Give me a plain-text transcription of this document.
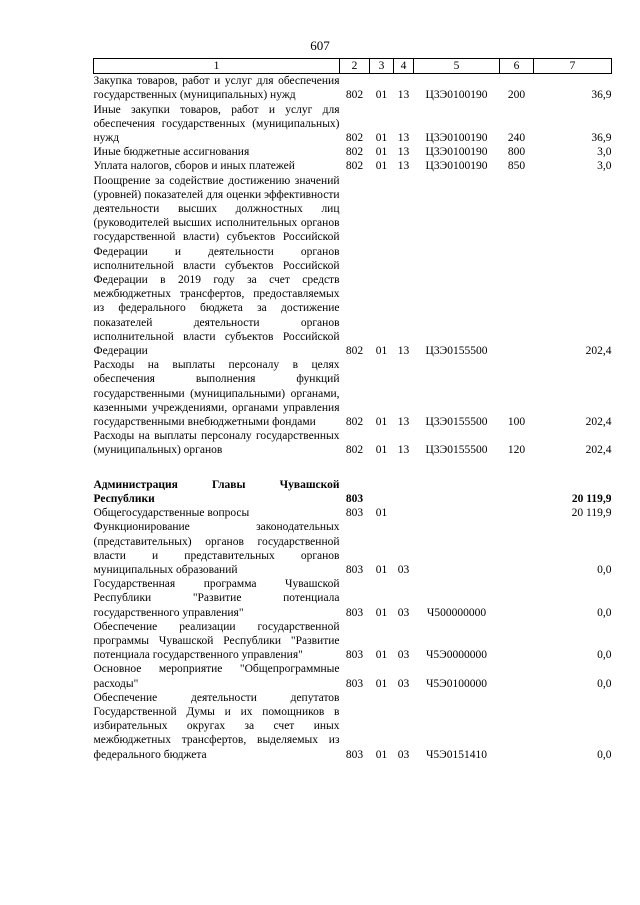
607
1	2	3	4	5	6	7
Закупка товаров, работ и услуг для обеспечения государственных (муниципальных) нужд	802	01	13	Ц3Э0100190	200	36,9
Иные закупки товаров, работ и услуг для обеспечения государственных (муниципальных) нужд	802	01	13	Ц3Э0100190	240	36,9
Иные бюджетные ассигнования	802	01	13	Ц3Э0100190	800	3,0
Уплата налогов, сборов и иных платежей	802	01	13	Ц3Э0100190	850	3,0
Поощрение за содействие достижению значений (уровней) показателей для оценки эффективности деятельности высших должностных лиц (руководителей высших исполнительных органов государственной власти) субъектов Российской Федерации и деятельности органов исполнительной власти субъектов Российской Федерации в 2019 году за счет средств межбюджетных трансфертов, предоставляемых из федерального бюджета за достижение показателей деятельности органов исполнительной власти субъектов Российской Федерации	802	01	13	Ц3Э0155500		202,4
Расходы на выплаты персоналу в целях обеспечения выполнения функций государственными (муниципальными) органами, казенными учреждениями, органами управления государственными внебюджетными фондами	802	01	13	Ц3Э0155500	100	202,4
Расходы на выплаты персоналу государственных (муниципальных) органов	802	01	13	Ц3Э0155500	120	202,4

Администрация Главы Чувашской Республики	803					20 119,9
Общегосударственные вопросы	803	01				20 119,9
Функционирование законодательных (представительных) органов государственной власти и представительных органов муниципальных образований	803	01	03			0,0
Государственная программа Чувашской Республики "Развитие потенциала государственного управления"	803	01	03	Ч500000000		0,0
Обеспечение реализации государственной программы Чувашской Республики "Развитие потенциала государственного управления"	803	01	03	Ч5Э0000000		0,0
Основное мероприятие "Общепрограммные расходы"	803	01	03	Ч5Э0100000		0,0
Обеспечение деятельности депутатов Государственной Думы и их помощников в избирательных округах за счет иных межбюджетных трансфертов, выделяемых из федерального бюджета	803	01	03	Ч5Э0151410		0,0
